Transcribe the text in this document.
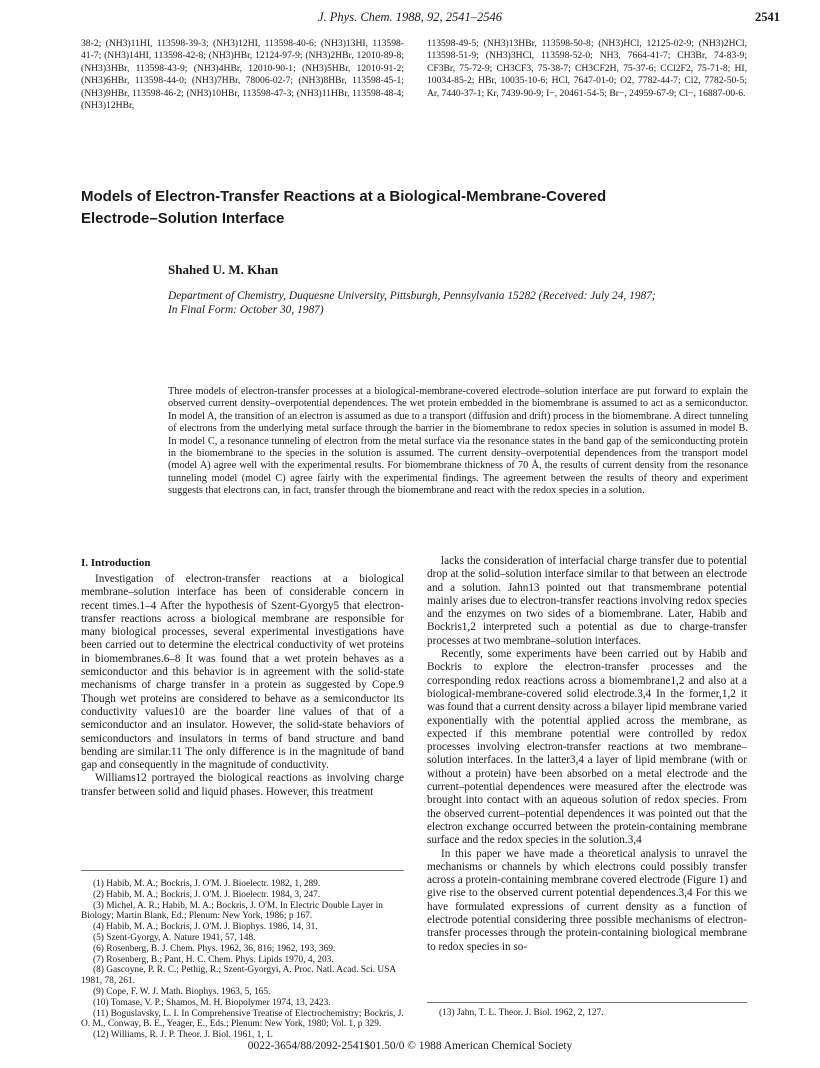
J. Phys. Chem. 1988, 92, 2541–2546	2541
38-2; (NH3)11HI, 113598-39-3; (NH3)12HI, 113598-40-6; (NH3)13HI, 113598-41-7; (NH3)14HI, 113598-42-8; (NH3)HBr, 12124-97-9; (NH3)2HBr, 12010-89-8; (NH3)3HBr, 113598-43-9; (NH3)4HBr, 12010-90-1; (NH3)5HBr, 12010-91-2; (NH3)6HBr, 113598-44-0; (NH3)7HBr, 78006-02-7; (NH3)8HBr, 113598-45-1; (NH3)9HBr, 113598-46-2; (NH3)10HBr, 113598-47-3; (NH3)11HBr, 113598-48-4; (NH3)12HBr,
113598-49-5; (NH3)13HBr, 113598-50-8; (NH3)HCl, 12125-02-9; (NH3)2HCl, 113598-51-9; (NH3)3HCl, 113598-52-0; NH3, 7664-41-7; CH3Br, 74-83-9; CF3Br, 75-72-9; CH3CF3, 75-38-7; CH3CF2H, 75-37-6; CCl2F2, 75-71-8; HI, 10034-85-2; HBr, 10035-10-6; HCl, 7647-01-0; O2, 7782-44-7; Cl2, 7782-50-5; Ar, 7440-37-1; Kr, 7439-90-9; I−, 20461-54-5; Br−, 24959-67-9; Cl−, 16887-00-6.
Models of Electron-Transfer Reactions at a Biological-Membrane-Covered
Electrode–Solution Interface
Shahed U. M. Khan
Department of Chemistry, Duquesne University, Pittsburgh, Pennsylvania 15282 (Received: July 24, 1987;
In Final Form: October 30, 1987)
Three models of electron-transfer processes at a biological-membrane-covered electrode–solution interface are put forward to explain the observed current density–overpotential dependences. The wet protein embedded in the biomembrane is assumed to act as a semiconductor. In model A, the transition of an electron is assumed as due to a transport (diffusion and drift) process in the biomembrane. A direct tunneling of electrons from the underlying metal surface through the barrier in the biomembrane to redox species in solution is assumed in model B. In model C, a resonance tunneling of electron from the metal surface via the resonance states in the band gap of the semiconducting protein in the biomembrane to the species in the solution is assumed. The current density–overpotential dependences from the transport model (model A) agree well with the experimental results. For biomembrane thickness of 70 Å, the results of current density from the resonance tunneling model (model C) agree fairly with the experimental findings. The agreement between the results of theory and experiment suggests that electrons can, in fact, transfer through the biomembrane and react with the redox species in a solution.
I. Introduction

Investigation of electron-transfer reactions at a biological membrane–solution interface has been of considerable concern in recent times.1–4 After the hypothesis of Szent-Gyorgy5 that electron-transfer reactions across a biological membrane are responsible for many biological processes, several experimental investigations have been carried out to determine the electrical conductivity of wet proteins in biomembranes.6–8 It was found that a wet protein behaves as a semiconductor and this behavior is in agreement with the solid-state mechanisms of charge transfer in a protein as suggested by Cope.9 Though wet proteins are considered to behave as a semiconductor its conductivity values10 are the boarder line values of that of a semiconductor and an insulator. However, the solid-state behaviors of semiconductors and insulators in terms of band structure and band bending are similar.11 The only difference is in the magnitude of band gap and consequently in the magnitude of conductivity.

Williams12 portrayed the biological reactions as involving charge transfer between solid and liquid phases. However, this treatment

lacks the consideration of interfacial charge transfer due to potential drop at the solid–solution interface similar to that between an electrode and a solution. Jahn13 pointed out that transmembrane potential mainly arises due to electron-transfer reactions involving redox species and the enzymes on two sides of a biomembrane. Later, Habib and Bockris1,2 interpreted such a potential as due to charge-transfer processes at two membrane–solution interfaces.

Recently, some experiments have been carried out by Habib and Bockris to explore the electron-transfer processes and the corresponding redox reactions across a biomembrane1,2 and also at a biological-membrane-covered solid electrode.3,4 In the former,1,2 it was found that a current density across a bilayer lipid membrane varied exponentially with the potential applied across the membrane, as expected if this membrane potential were controlled by redox processes involving electron-transfer reactions at two membrane–solution interfaces. In the latter3,4 a layer of lipid membrane (with or without a protein) have been absorbed on a metal electrode and the current–potential dependences were measured after the electrode was brought into contact with an aqueous solution of redox species. From the observed current–potential dependences it was pointed out that the electron exchange occurred between the protein-containing membrane surface and the redox species in the solution.3,4

In this paper we have made a theoretical analysis to unravel the mechanisms or channels by which electrons could possibly transfer across a protein-containing membrane covered electrode (Figure 1) and give rise to the observed current potential dependences.3,4 For this we have formulated expressions of current density as a function of electrode potential considering three possible mechanisms of electron-transfer processes through the protein-containing biological membrane to redox species in so-

(1) Habib, M. A.; Bockris, J. O'M. J. Bioelectr. 1982, 1, 289.
(2) Habib, M. A.; Bockris, J. O'M. J. Bioelectr. 1984, 3, 247.
(3) Michel, A. R.; Habib, M. A.; Bockris, J. O'M. In Electric Double Layer in Biology; Martin Blank, Ed.; Plenum: New York, 1986; p 167.
(4) Habib, M. A.; Bockris, J. O'M. J. Biophys. 1986, 14, 31.
(5) Szent-Gyorgy, A. Nature 1941, 57, 148.
(6) Rosenberg, B. J. Chem. Phys. 1962, 36, 816; 1962, 193, 369.
(7) Rosenberg, B.; Pant, H. C. Chem. Phys. Lipids 1970, 4, 203.
(8) Gascoyne, P. R. C.; Pethig, R.; Szent-Gyorgyi, A. Proc. Natl. Acad. Sci. USA 1981, 78, 261.
(9) Cope, F. W. J. Math. Biophys. 1963, 5, 165.
(10) Tomase, V. P.; Shamos, M. H. Biopolymer 1974, 13, 2423.
(11) Boguslavsky, L. I. In Comprehensive Treatise of Electrochemistry; Bockris, J. O. M., Conway, B. E., Yeager, E., Eds.; Plenum: New York, 1980; Vol. 1, p 329.
(12) Williams, R. J. P. Theor. J. Biol. 1961, 1, 1.
(13) Jahn, T. L. Theor. J. Biol. 1962, 2, 127.
0022-3654/88/2092-2541$01.50/0 © 1988 American Chemical Society
